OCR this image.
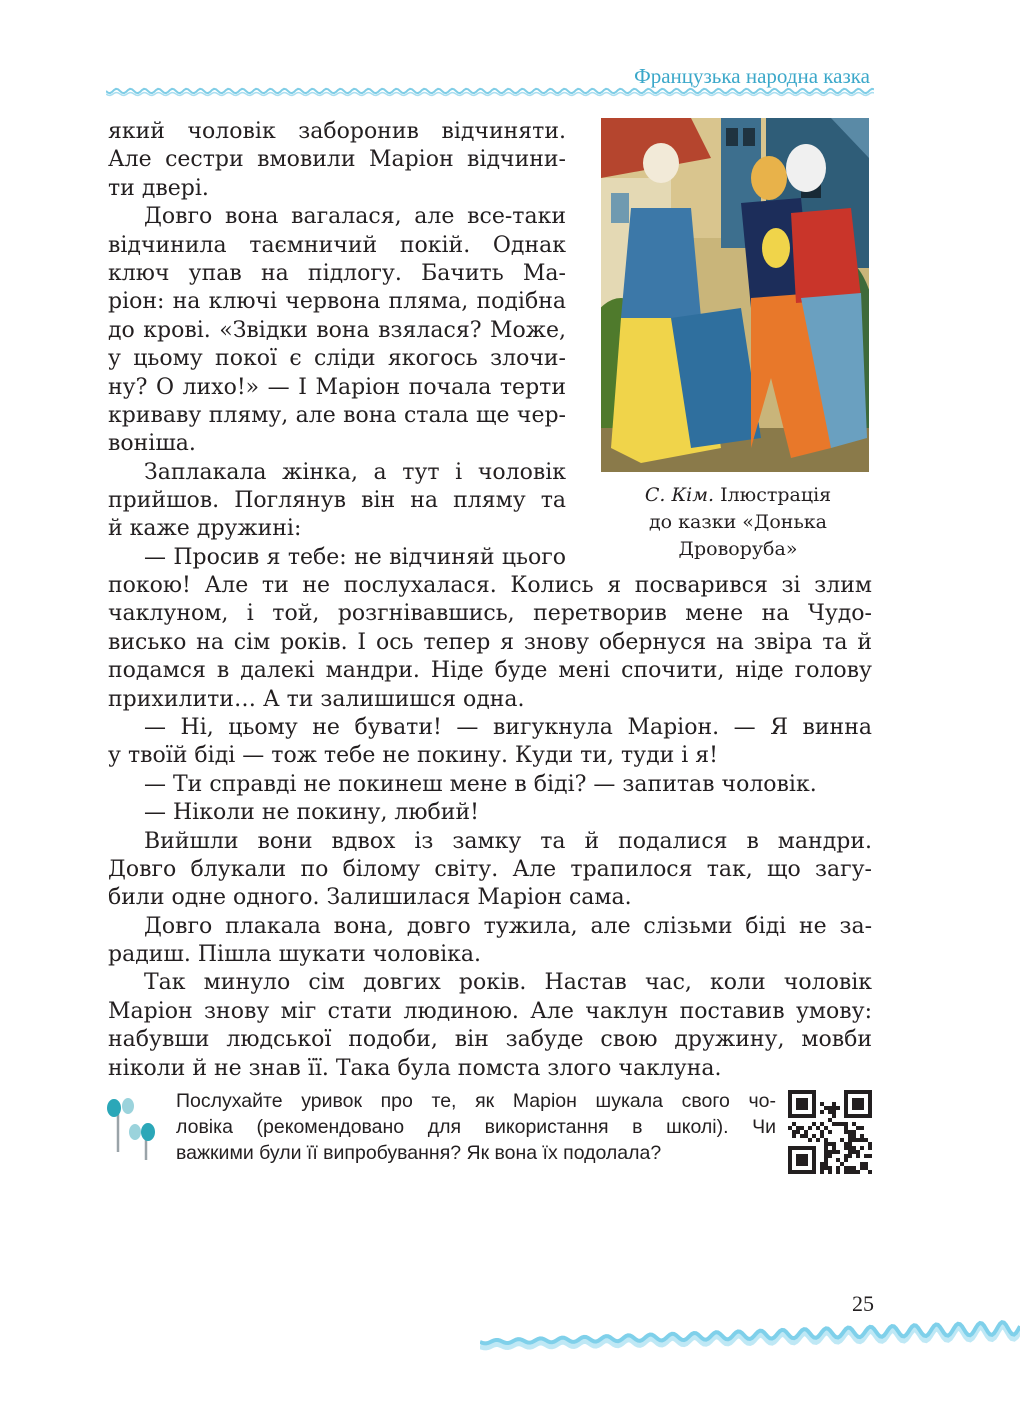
Французька народна казка
який чоловік заборонив відчиняти.
Але сестри вмовили Маріон відчини-
ти двері.
Довго вона вагалася, але все-таки
відчинила таємничий покій. Однак
ключ упав на підлогу. Бачить Ма-
ріон: на ключі червона пляма, подібна
до крові. «Звідки вона взялася? Може,
у цьому покої є сліди якогось злочи-
ну? О лихо!» — І Маріон почала терти
криваву пляму, але вона стала ще чер-
воніша.
Заплакала жінка, а тут і чоловік
прийшов. Поглянув він на пляму та
й каже дружині:
— Просив я тебе: не відчиняй цього
покою! Але ти не послухалася. Колись я посварився зі злим
чаклуном, і той, розгнівавшись, перетворив мене на Чудо-
висько на сім років. І ось тепер я знову обернуся на звіра та й
подамся в далекі мандри. Ніде буде мені спочити, ніде голову
прихилити… А ти залишишся одна.
— Ні, цьому не бувати! — вигукнула Маріон. — Я винна
у твоїй біді — тож тебе не покину. Куди ти, туди і я!
— Ти справді не покинеш мене в біді? — запитав чоловік.
— Ніколи не покину, любий!
Вийшли вони вдвох із замку та й подалися в мандри.
Довго блукали по білому світу. Але трапилося так, що загу-
били одне одного. Залишилася Маріон сама.
Довго плакала вона, довго тужила, але слізьми біді не за-
радиш. Пішла шукати чоловіка.
Так минуло сім довгих років. Настав час, коли чоловік
Маріон знову міг стати людиною. Але чаклун поставив умову:
набувши людської подоби, він забуде свою дружину, мовби
ніколи й не знав її. Така була помста злого чаклуна.
С. Кім. Ілюстрація
до казки «Донька
Дроворуба»
Послухайте уривок про те, як Маріон шукала свого чо-
ловіка (рекомендовано для використання в школі). Чи
важкими були її випробування? Як вона їх подолала?
25
